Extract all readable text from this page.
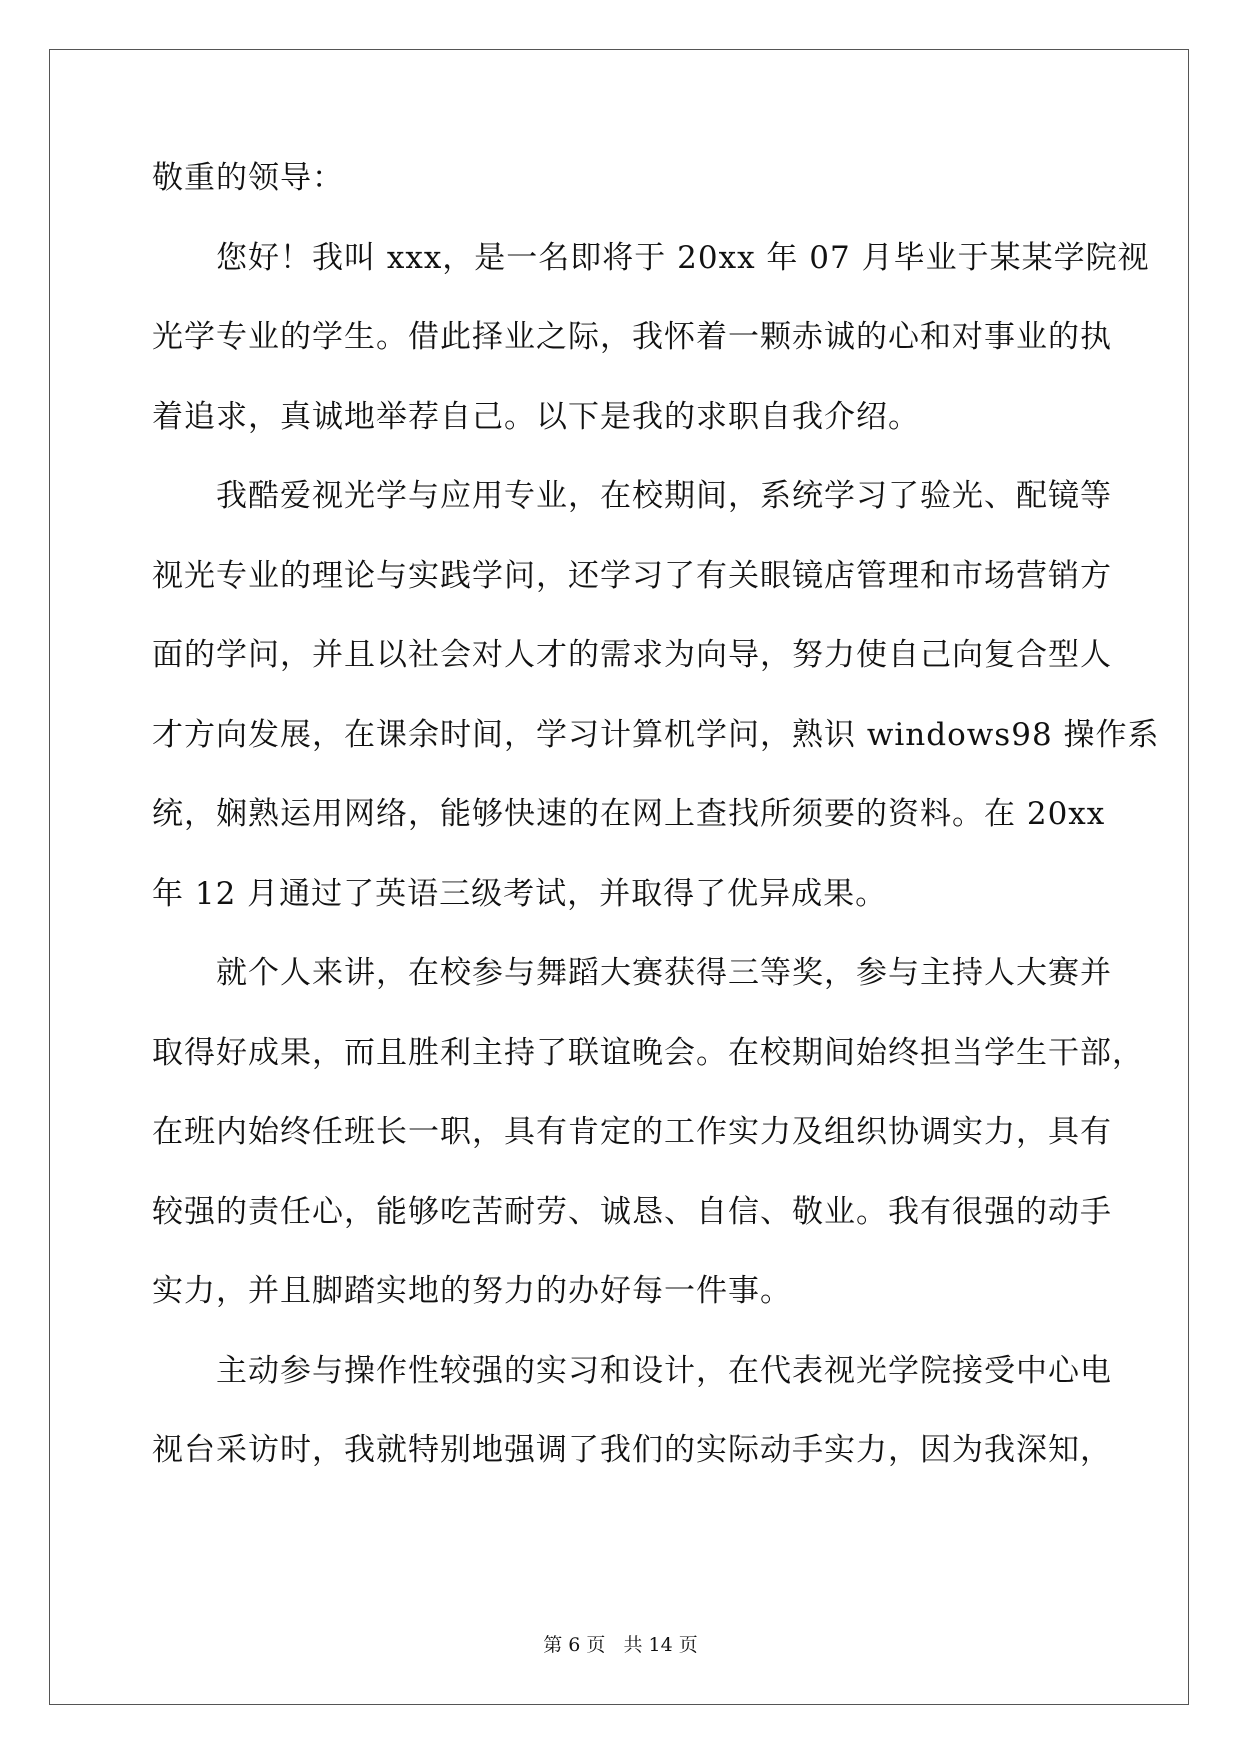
敬重的领导：
您好！我叫 xxx，是一名即将于 20xx 年 07 月毕业于某某学院视
光学专业的学生。借此择业之际，我怀着一颗赤诚的心和对事业的执
着追求，真诚地举荐自己。以下是我的求职自我介绍。
我酷爱视光学与应用专业，在校期间，系统学习了验光、配镜等
视光专业的理论与实践学问，还学习了有关眼镜店管理和市场营销方
面的学问，并且以社会对人才的需求为向导，努力使自己向复合型人
才方向发展，在课余时间，学习计算机学问，熟识 windows98 操作系
统，娴熟运用网络，能够快速的在网上查找所须要的资料。在 20xx
年 12 月通过了英语三级考试，并取得了优异成果。
就个人来讲，在校参与舞蹈大赛获得三等奖，参与主持人大赛并
取得好成果，而且胜利主持了联谊晚会。在校期间始终担当学生干部，
在班内始终任班长一职，具有肯定的工作实力及组织协调实力，具有
较强的责任心，能够吃苦耐劳、诚恳、自信、敬业。我有很强的动手
实力，并且脚踏实地的努力的办好每一件事。
主动参与操作性较强的实习和设计，在代表视光学院接受中心电
视台采访时，我就特别地强调了我们的实际动手实力，因为我深知，
第 6 页 共 14 页
